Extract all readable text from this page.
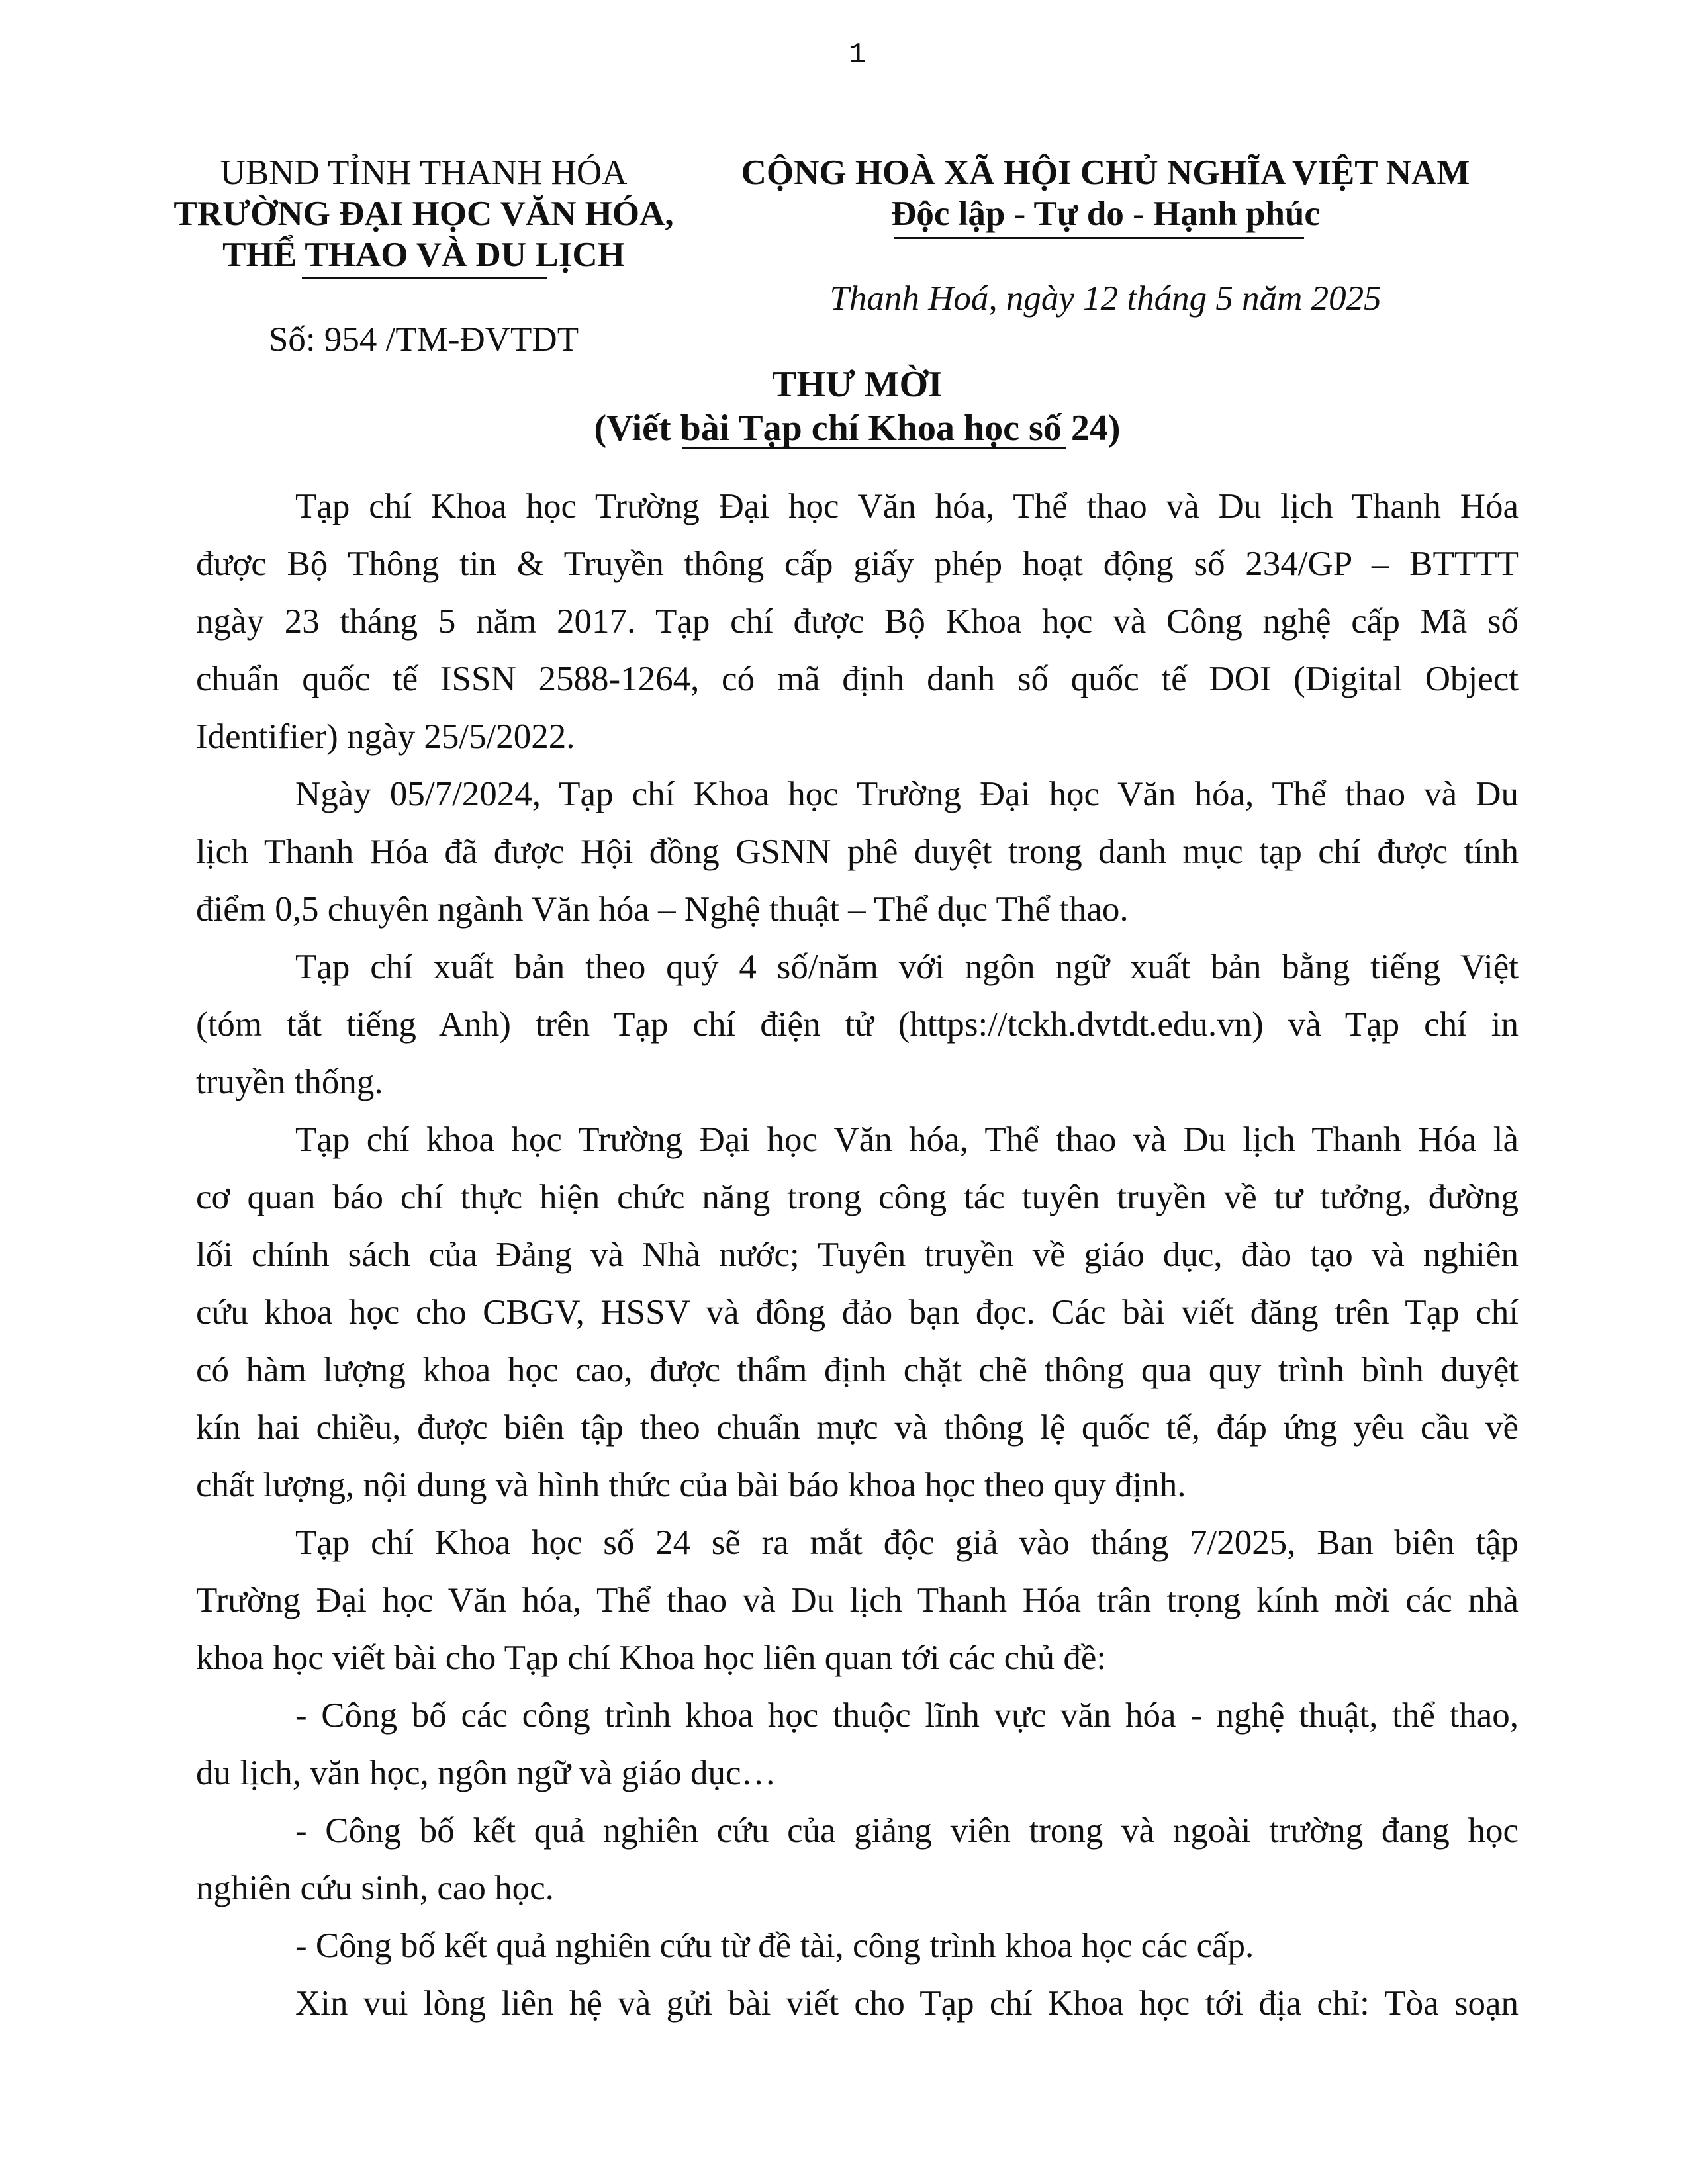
1
UBND TỈNH THANH HÓA
TRƯỜNG ĐẠI HỌC VĂN HÓA,
THỂ THAO VÀ DU LỊCH
Số: 954 /TM-ĐVTDT
CỘNG HOÀ XÃ HỘI CHỦ NGHĨA VIỆT NAM
Độc lập - Tự do - Hạnh phúc
Thanh Hoá, ngày 12 tháng 5 năm 2025
THƯ MỜI
(Viết bài Tạp chí Khoa học số 24)

Tạp chí Khoa học Trường Đại học Văn hóa, Thể thao và Du lịch Thanh Hóa
được Bộ Thông tin & Truyền thông cấp giấy phép hoạt động số 234/GP – BTTTT
ngày 23 tháng 5 năm 2017. Tạp chí được Bộ Khoa học và Công nghệ cấp Mã số
chuẩn quốc tế ISSN 2588-1264, có mã định danh số quốc tế DOI (Digital Object
Identifier) ngày 25/5/2022.

Ngày 05/7/2024, Tạp chí Khoa học Trường Đại học Văn hóa, Thể thao và Du
lịch Thanh Hóa đã được Hội đồng GSNN phê duyệt trong danh mục tạp chí được tính
điểm 0,5 chuyên ngành Văn hóa – Nghệ thuật – Thể dục Thể thao.

Tạp chí xuất bản theo quý 4 số/năm với ngôn ngữ xuất bản bằng tiếng Việt
(tóm tắt tiếng Anh) trên Tạp chí điện tử (https://tckh.dvtdt.edu.vn) và Tạp chí in
truyền thống.

Tạp chí khoa học Trường Đại học Văn hóa, Thể thao và Du lịch Thanh Hóa là
cơ quan báo chí thực hiện chức năng trong công tác tuyên truyền về tư tưởng, đường
lối chính sách của Đảng và Nhà nước; Tuyên truyền về giáo dục, đào tạo và nghiên
cứu khoa học cho CBGV, HSSV và đông đảo bạn đọc. Các bài viết đăng trên Tạp chí
có hàm lượng khoa học cao, được thẩm định chặt chẽ thông qua quy trình bình duyệt
kín hai chiều, được biên tập theo chuẩn mực và thông lệ quốc tế, đáp ứng yêu cầu về
chất lượng, nội dung và hình thức của bài báo khoa học theo quy định.

Tạp chí Khoa học số 24 sẽ ra mắt độc giả vào tháng 7/2025, Ban biên tập
Trường Đại học Văn hóa, Thể thao và Du lịch Thanh Hóa trân trọng kính mời các nhà
khoa học viết bài cho Tạp chí Khoa học liên quan tới các chủ đề:

- Công bố các công trình khoa học thuộc lĩnh vực văn hóa - nghệ thuật, thể thao,
du lịch, văn học, ngôn ngữ và giáo dục…

- Công bố kết quả nghiên cứu của giảng viên trong và ngoài trường đang học
nghiên cứu sinh, cao học.

- Công bố kết quả nghiên cứu từ đề tài, công trình khoa học các cấp.

Xin vui lòng liên hệ và gửi bài viết cho Tạp chí Khoa học tới địa chỉ: Tòa soạn
